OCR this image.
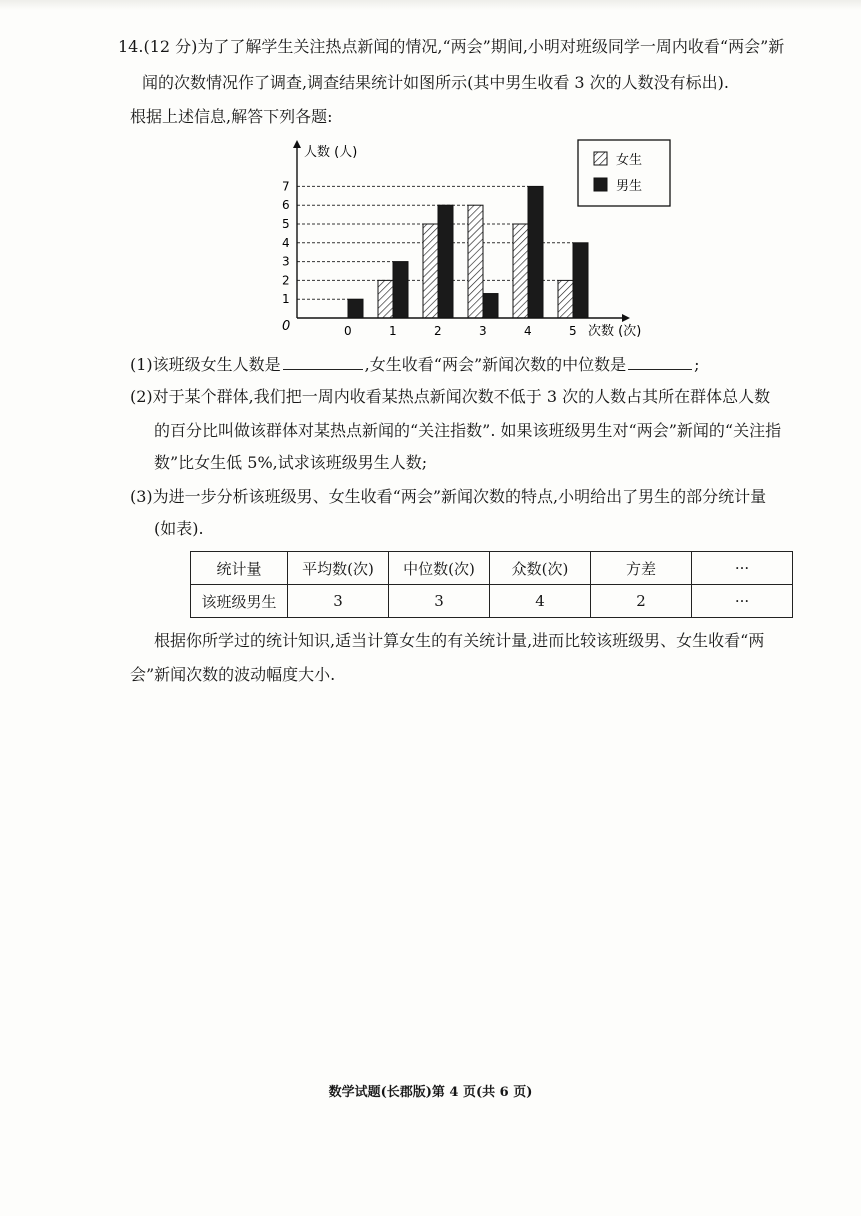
14.(12 分)为了了解学生关注热点新闻的情况,“两会”期间,小明对班级同学一周内收看“两会”新
闻的次数情况作了调查,调查结果统计如图所示(其中男生收看 3 次的人数没有标出).
根据上述信息,解答下列各题:
0	1	2	3	4	5
1
2
3
4
5
6
7
人数 (人)
次数 (次)
0
女生
男生
(1)该班级女生人数是	,女生收看“两会”新闻次数的中位数是	;
(2)对于某个群体,我们把一周内收看某热点新闻次数不低于 3 次的人数占其所在群体总人数
的百分比叫做该群体对某热点新闻的“关注指数”. 如果该班级男生对“两会”新闻的“关注指
数”比女生低 5%,试求该班级男生人数;
(3)为进一步分析该班级男、女生收看“两会”新闻次数的特点,小明给出了男生的部分统计量
(如表).
统计量	平均数(次)	中位数(次)	众数(次)	方差	···
该班级男生	3	3	4	2	···
根据你所学过的统计知识,适当计算女生的有关统计量,进而比较该班级男、女生收看“两
会”新闻次数的波动幅度大小.
数学试题(长郡版)第 4 页(共 6 页)
